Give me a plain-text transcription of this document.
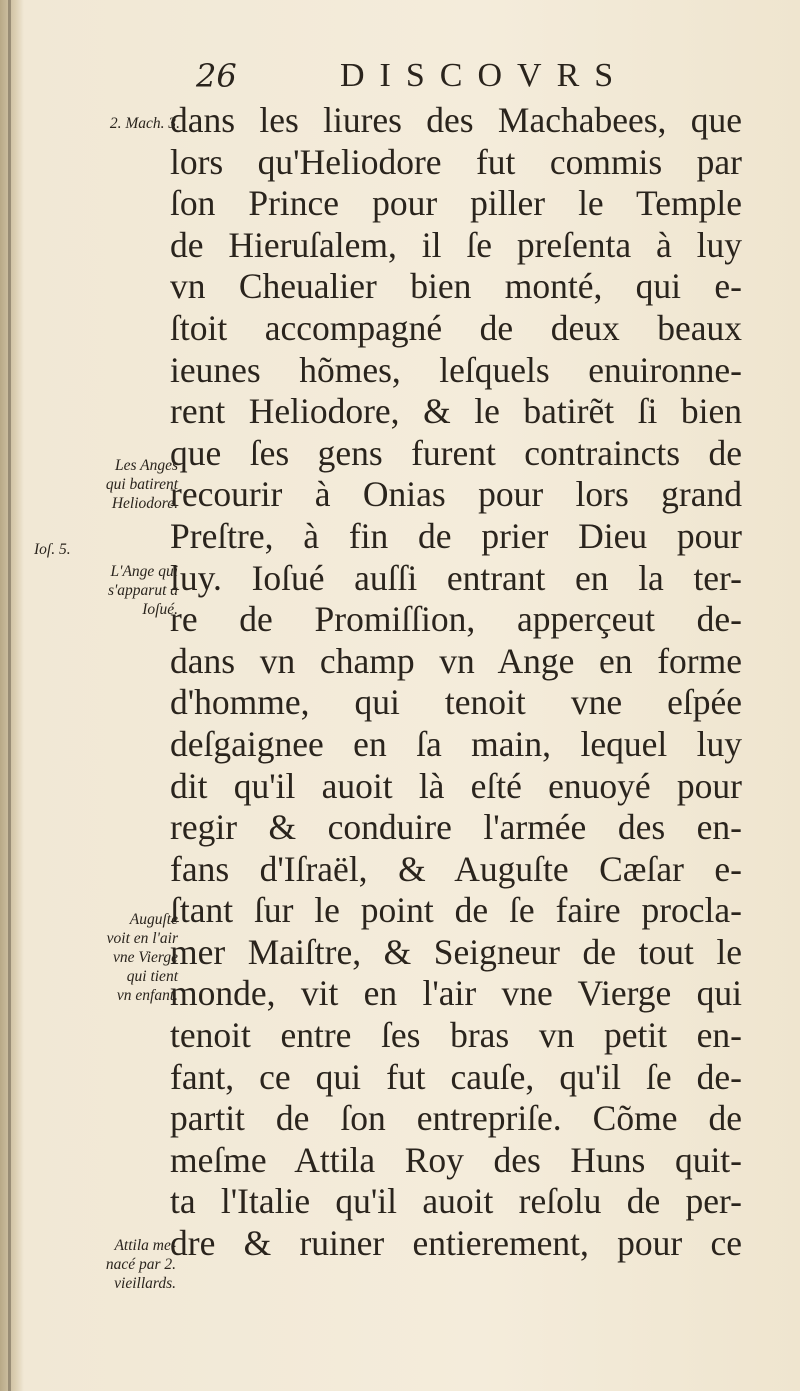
26	DISCOVRS
dans les liures des Machabees, que
lors qu'Heliodore fut commis par
ſon Prince pour piller le Temple
de Hieruſalem, il ſe preſenta à luy
vn Cheualier bien monté, qui e-
ſtoit accompagné de deux beaux
ieunes hõmes, leſquels enuironne-
rent Heliodore, & le batirẽt ſi bien
que ſes gens furent contraincts de
recourir à Onias pour lors grand
Preſtre, à fin de prier Dieu pour
luy. Ioſué auſſi entrant en la ter-
re de Promiſſion, apperçeut de-
dans vn champ vn Ange en forme
d'homme, qui tenoit vne eſpée
deſgaignee en ſa main, lequel luy
dit qu'il auoit là eſté enuoyé pour
regir & conduire l'armée des en-
fans d'Iſraël, & Auguſte Cæſar e-
ſtant ſur le point de ſe faire procla-
mer Maiſtre, & Seigneur de tout le
monde, vit en l'air vne Vierge qui
tenoit entre ſes bras vn petit en-
fant, ce qui fut cauſe, qu'il ſe de-
partit de ſon entrepriſe. Cõme de
meſme Attila Roy des Huns quit-
ta l'Italie qu'il auoit reſolu de per-
dre & ruiner entierement, pour ce
2. Mach. 3.
Les Anges
qui batirent
Heliodore.
Ioſ. 5.
L'Ange qui
s'apparut à
Ioſué.
Auguſte
voit en l'air
vne Vierge
qui tient
vn enfant.
Attila me-
nacé par 2.
vieillards.
